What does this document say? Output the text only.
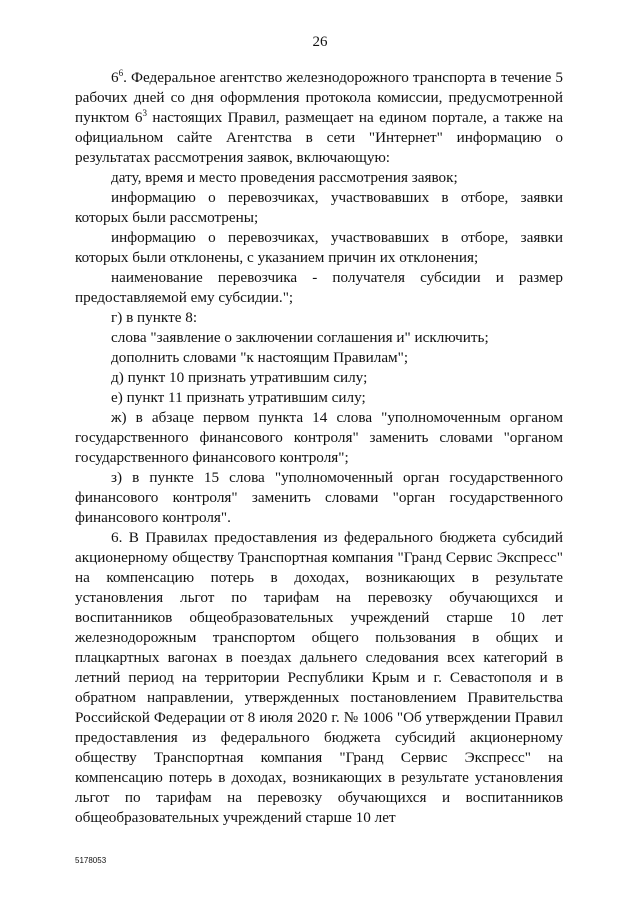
26

$6^6$. Федеральное агентство железнодорожного транспорта в течение 5 рабочих дней со дня оформления протокола комиссии, предусмотренной пунктом $6^3$ настоящих Правил, размещает на едином портале, а также на официальном сайте Агентства в сети "Интернет" информацию о результатах рассмотрения заявок, включающую:

дату, время и место проведения рассмотрения заявок;

информацию о перевозчиках, участвовавших в отборе, заявки которых были рассмотрены;

информацию о перевозчиках, участвовавших в отборе, заявки которых были отклонены, с указанием причин их отклонения;

наименование перевозчика - получателя субсидии и размер предоставляемой ему субсидии.";

г) в пункте 8:

слова "заявление о заключении соглашения и" исключить;

дополнить словами "к настоящим Правилам";

д) пункт 10 признать утратившим силу;

е) пункт 11 признать утратившим силу;

ж) в абзаце первом пункта 14 слова "уполномоченным органом государственного финансового контроля" заменить словами "органом государственного финансового контроля";

з) в пункте 15 слова "уполномоченный орган государственного финансового контроля" заменить словами "орган государственного финансового контроля".

6. В Правилах предоставления из федерального бюджета субсидий акционерному обществу Транспортная компания "Гранд Сервис Экспресс" на компенсацию потерь в доходах, возникающих в результате установления льгот по тарифам на перевозку обучающихся и воспитанников общеобразовательных учреждений старше 10 лет железнодорожным транспортом общего пользования в общих и плацкартных вагонах в поездах дальнего следования всех категорий в летний период на территории Республики Крым и г. Севастополя и в обратном направлении, утвержденных постановлением Правительства Российской Федерации от 8 июля 2020 г. № 1006 "Об утверждении Правил предоставления из федерального бюджета субсидий акционерному обществу Транспортная компания "Гранд Сервис Экспресс" на компенсацию потерь в доходах, возникающих в результате установления льгот по тарифам на перевозку обучающихся и воспитанников общеобразовательных учреждений старше 10 лет

5178053
